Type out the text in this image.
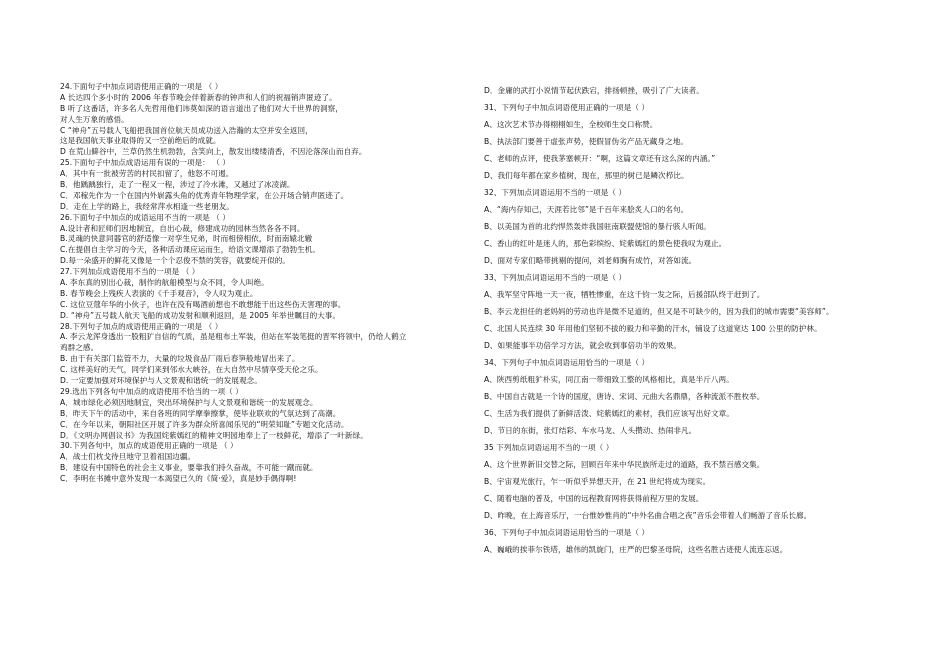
24.下面句子中加点词语使用正确的一项是 （ ）
A 长达四个多小时的 2006 年春节晚会伴着新春的钟声和人们的祝福销声匿迹了。
B 听了这番话，许多名人先哲用他们讳莫如深的语言道出了他们对大千世界的洞察，
对人生万象的感悟。
C “神舟”五号载人飞船把我国首位航天员成功送入浩瀚的太空并安全返回，
这是我国航天事业取得的又一空前绝后的成就。
D 在荒山僻谷中，兰草仍然生机勃勃，含笑向上，散发出缕缕清香，不因沦落深山而自弃。
25.下面句子中加点成语运用有误的一项是： （ ）
A．其中有一批被劳苦的村民扣留了，他怒不可遏。
B．他踽踽独行，走了一程又一程，涉过了冷水滩，又越过了冰凌湖。
C．邓稼先作为一个在国内外崭露头角的优秀青年物理学家，在公开场合销声匿迹了。
D．走在上学的路上，我经常萍水相逢一些老朋友。
26.下面句子中加点的成语运用不当的一项是 （ ）
A.设计者和匠师们因地制宜，自出心裁，修建成功的园林当然各各不同。
B.灵魂的快意同器官的舒适像一对孪生兄弟，时而相傍相依，时而南辕北辙
C.在提倡自主学习的今天，各种活动课应运而生，给语文课增添了勃勃生机。
D.每一朵盛开的鲜花又像是一个个忍俊不禁的笑容，就要绽开似的。
27.下列加点成语使用不当的一项是 （ ）
A. 李东真的别出心裁，制作的航船模型与众不同，令人叫绝。
B. 春节晚会上残疾人表演的《千手观音》，令人叹为观止。
C. 这位豆蔻年华的小伙子，也许在没有喝酒前想也不敢想能干出这些伤天害理的事。
D. “神舟”五号载人航天飞船的成功发射和顺利返回，是 2005 年举世瞩目的大事。
28.下列句子加点的成语使用正确的一项是 （ ）
A. 李云龙浑身透出一股粗犷自信的气质，虽是粗布土军装，但站在军装笔挺的晋军将领中，仍给人鹤立
鸡群之感。
B. 由于有关部门监管不力，大量的垃圾食品厂雨后春笋般地冒出来了。
C. 这样美好的天气，同学们来到邻水大峡谷，在大自然中尽情享受天伦之乐。
D. 一定要加强对环境保护与人文景观和谐统一的发展观念。
29.选出下列各句中加点的成语使用不恰当的一项（ ）
A．城市绿化必须因地制宜，突出环境保护与人文景观和谐统一的发展观念。
B．昨天下午的活动中，来自各班的同学摩拳擦掌，使毕业联欢的气氛达到了高潮。
C．在今年以来，朝阳社区开展了许多为群众所喜闻乐见的“明荣知耻”专题文化活动。
D．《文明办网倡议书》为我国姹紫嫣红的精神文明园地奉上了一枝鲜花，增添了一叶新绿。
30.下列各句中，加点的成语使用正确的一项是 （ ）
A．战士们枕戈待旦地守卫着祖国边疆。
B．建设有中国特色的社会主义事业，要靠我们持久奋战，不可能一蹴而就。
C．李明在书摊中意外发现一本渴望已久的《简·爱》，真是妙手偶得啊!
D．金庸的武打小说情节起伏跌宕，排扬顿挫，吸引了广大读者。
31、下列句子中加点词语使用正确的一项是（ ）
A、这次艺术节办得栩栩如生，全校师生交口称赞。
B、执法部门要善于虚张声势，使假冒伪劣产品无藏身之地。
C、老师的点评，使我茅塞顿开：“啊，这篇文章还有这么深的内涵。”
D、我们每年都在家乡植树，现在，那里的树已是鳞次栉比。
32、下列加点词语运用不当的一项是（ ）
A、“海内存知己，天涯若比邻”是千百年来脍炙人口的名句。
B、以美国为首的北约悍然轰炸我国驻南联盟使馆的暴行骇人听闻。
C、香山的红叶是迷人的，那色彩缤纷、姹紫嫣红的景色使我叹为观止。
D、面对专家们略带挑剔的提问，刘老师胸有成竹，对答如流。
33、下列加点词语运用不当的一项是（ ）
A、我军坚守阵地一天一夜，牺牲惨重，在这千钧一发之际，后援部队终于赶到了。
B、李云龙担任的老妈妈的劳动也许是微不足道的，但又是不可缺少的，因为我们的城市需要“美容师”。
C、北国人民连续 30 年用他们坚韧不拔的毅力和辛勤的汗水，铺设了这道宽达 100 公里的防护林。
D、如果能事半功倍学习方法，就会收到事倍功半的效果。
34、下列句子中加点词语运用恰当的一项是（ ）
A、陕西剪纸粗犷朴实，同江南一带细致工整的风格相比，真是半斤八两。
B、中国自古就是一个诗的国度，唐诗、宋词、元曲大名鼎鼎，各种流派不胜枚举。
C、生活为我们提供了新鲜活泼、姹紫嫣红的素材，我们应该写出好文章。
D、节日的东街，张灯结彩、车水马龙、人头攒动、热闹非凡。
35 下列加点词语运用不当的一项（ ）
A、这个世界新旧交替之际，回顾百年来中华民族所走过的道路，我不禁百感交集。
B、宇宙观光旅行，乍一听似乎异想天开，在 21 世纪将成为现实。
C、随着电脑的普及，中国的远程教育网将获得前程万里的发展。
D、昨晚，在上海音乐厅，一台惟妙惟肖的“中外名曲合唱之夜”音乐会带着人们畅游了音乐长廊。
36、下列句子中加点词语运用恰当的一项是（ ）
A、巍峨的挨菲尔铁塔，雄伟的凯旋门，庄严的巴黎圣母院，这些名胜古迹使人流连忘返。
